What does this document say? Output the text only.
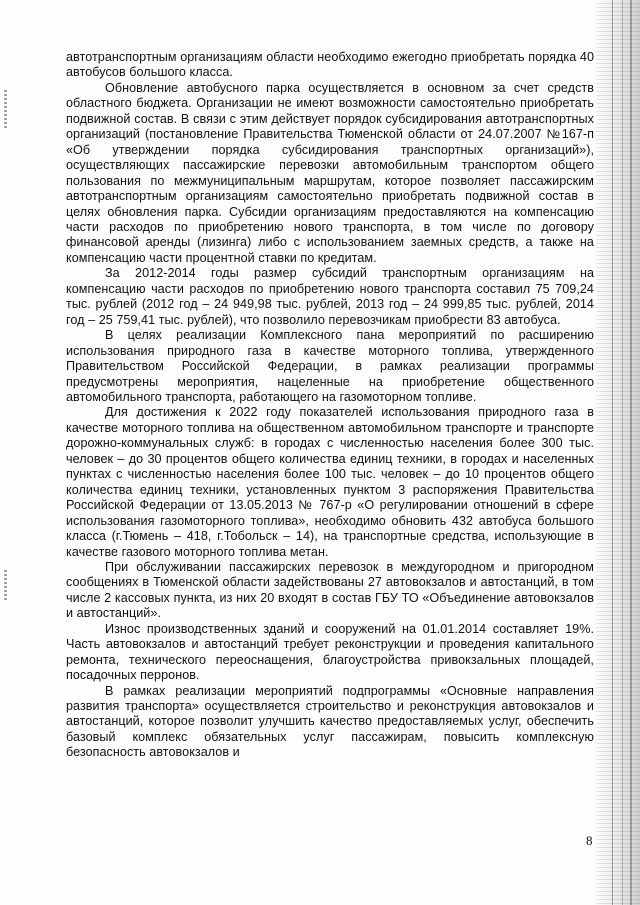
автотранспортным организациям области необходимо ежегодно приобретать порядка 40 автобусов большого класса.

Обновление автобусного парка осуществляется в основном за счет средств областного бюджета. Организации не имеют возможности самостоятельно приобретать подвижной состав. В связи с этим действует порядок субсидирования автотранспортных организаций (постановление Правительства Тюменской области от 24.07.2007 №167-п «Об утверждении порядка субсидирования транспортных организаций»), осуществляющих пассажирские перевозки автомобильным транспортом общего пользования по межмуниципальным маршрутам, которое позволяет пассажирским автотранспортным организациям самостоятельно приобретать подвижной состав в целях обновления парка. Субсидии организациям предоставляются на компенсацию части расходов по приобретению нового транспорта, в том числе по договору финансовой аренды (лизинга) либо с использованием заемных средств, а также на компенсацию части процентной ставки по кредитам.

За 2012-2014 годы размер субсидий транспортным организациям на компенсацию части расходов по приобретению нового транспорта составил 75 709,24 тыс. рублей (2012 год – 24 949,98 тыс. рублей, 2013 год – 24 999,85 тыс. рублей, 2014 год – 25 759,41 тыс. рублей), что позволило перевозчикам приобрести 83 автобуса.

В целях реализации Комплексного пана мероприятий по расширению использования природного газа в качестве моторного топлива, утвержденного Правительством Российской Федерации, в рамках реализации программы предусмотрены мероприятия, нацеленные на приобретение общественного автомобильного транспорта, работающего на газомоторном топливе.

Для достижения к 2022 году показателей использования природного газа в качестве моторного топлива на общественном автомобильном транспорте и транспорте дорожно-коммунальных служб: в городах с численностью населения более 300 тыс. человек – до 30 процентов общего количества единиц техники, в городах и населенных пунктах с численностью населения более 100 тыс. человек – до 10 процентов общего количества единиц техники, установленных пунктом 3 распоряжения Правительства Российской Федерации от 13.05.2013 № 767-р «О регулировании отношений в сфере использования газомоторного топлива», необходимо обновить 432 автобуса большого класса (г.Тюмень – 418, г.Тобольск – 14), на транспортные средства, использующие в качестве газового моторного топлива метан.

При обслуживании пассажирских перевозок в междугородном и пригородном сообщениях в Тюменской области задействованы 27 автовокзалов и автостанций, в том числе 2 кассовых пункта, из них 20 входят в состав ГБУ ТО «Объединение автовокзалов и автостанций».

Износ производственных зданий и сооружений на 01.01.2014 составляет 19%. Часть автовокзалов и автостанций требует реконструкции и проведения капитального ремонта, технического переоснащения, благоустройства привокзальных площадей, посадочных перронов.

В рамках реализации мероприятий подпрограммы «Основные направления развития транспорта» осуществляется строительство и реконструкция автовокзалов и автостанций, которое позволит улучшить качество предоставляемых услуг, обеспечить базовый комплекс обязательных услуг пассажирам, повысить комплексную безопасность автовокзалов и

8
